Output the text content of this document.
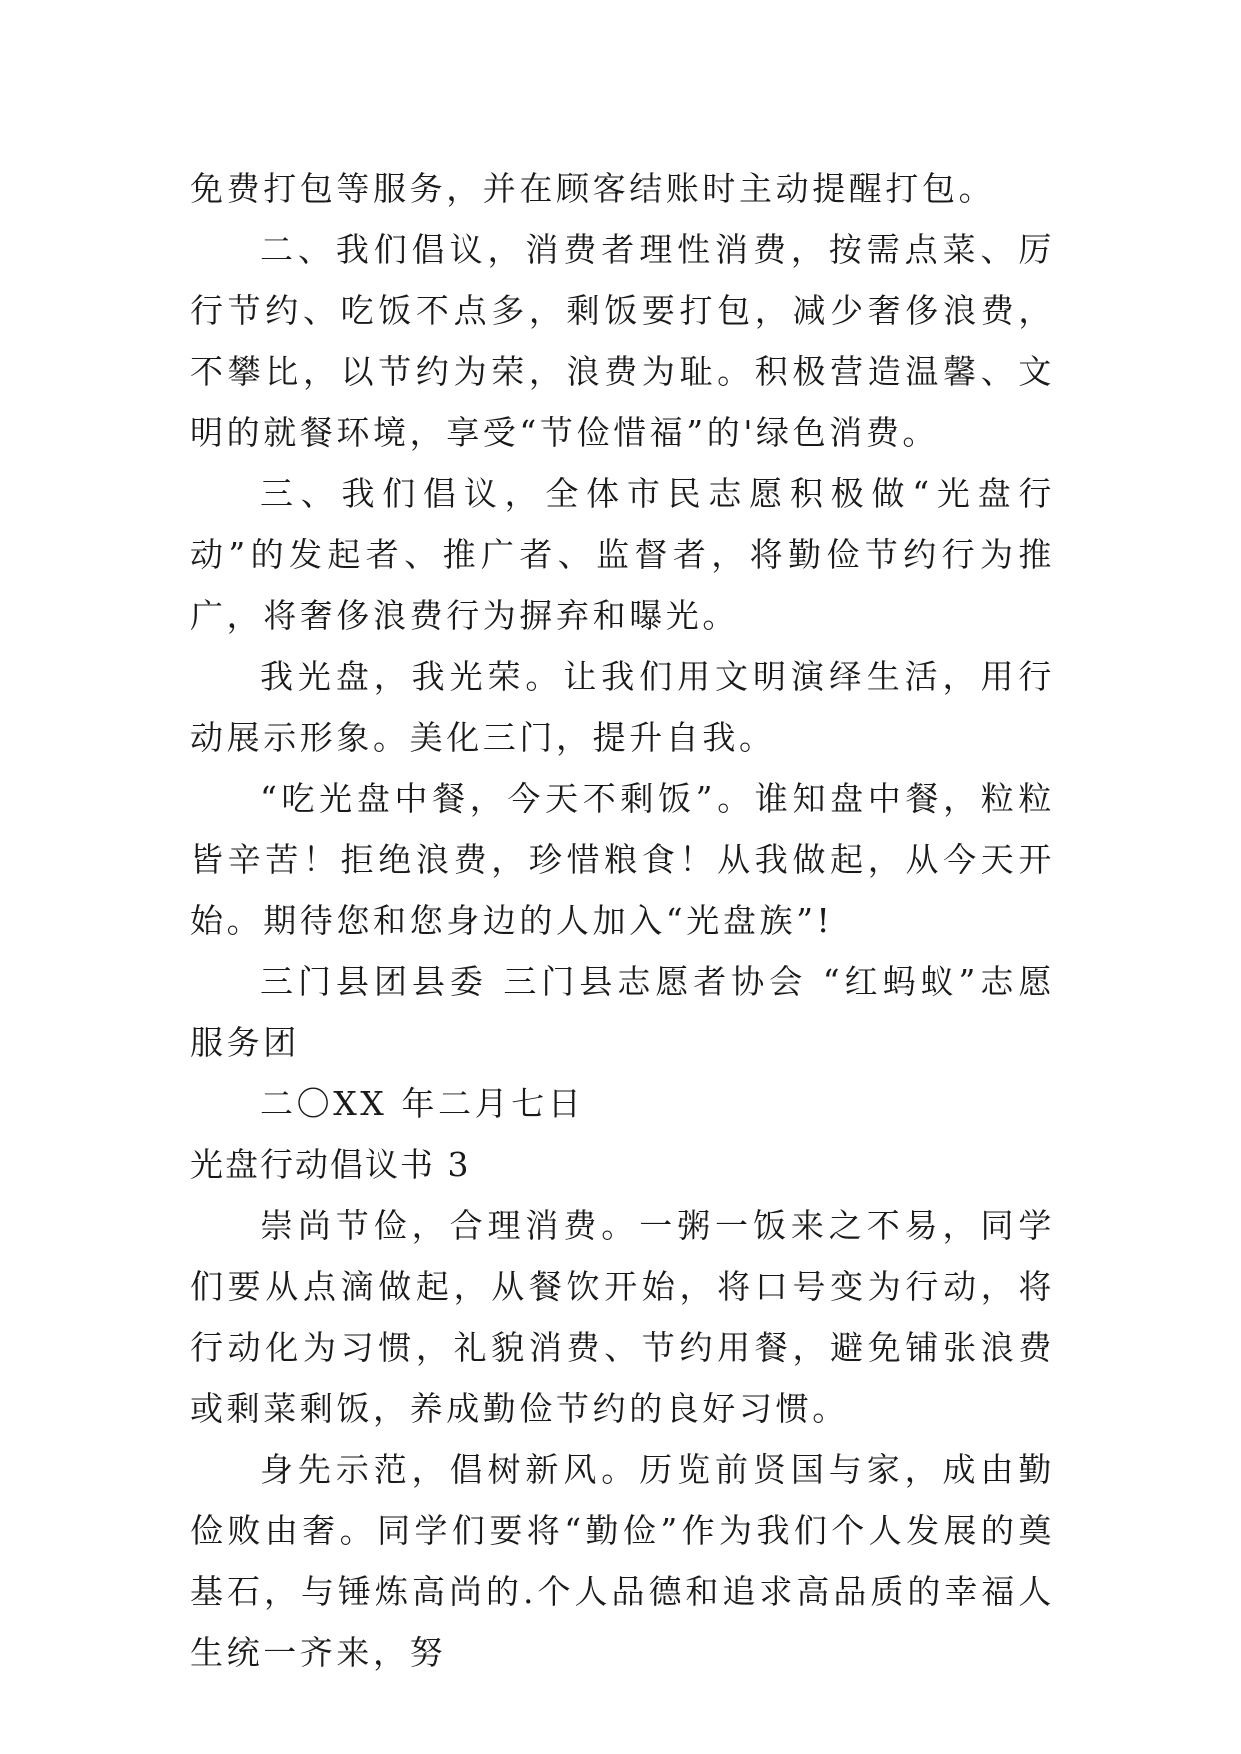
免费打包等服务，并在顾客结账时主动提醒打包。

二、我们倡议，消费者理性消费，按需点菜、厉行节约、吃饭不点多，剩饭要打包，减少奢侈浪费，不攀比，以节约为荣，浪费为耻。积极营造温馨、文明的就餐环境，享受“节俭惜福”的'绿色消费。

三、我们倡议，全体市民志愿积极做“光盘行动”的发起者、推广者、监督者，将勤俭节约行为推广，将奢侈浪费行为摒弃和曝光。

我光盘，我光荣。让我们用文明演绎生活，用行动展示形象。美化三门，提升自我。

“吃光盘中餐，今天不剩饭”。谁知盘中餐，粒粒皆辛苦！拒绝浪费，珍惜粮食！从我做起，从今天开始。期待您和您身边的人加入“光盘族”!

三门县团县委 三门县志愿者协会 “红蚂蚁”志愿服务团

二〇XX 年二月七日

光盘行动倡议书 3

崇尚节俭，合理消费。一粥一饭来之不易，同学们要从点滴做起，从餐饮开始，将口号变为行动，将行动化为习惯，礼貌消费、节约用餐，避免铺张浪费或剩菜剩饭，养成勤俭节约的良好习惯。

身先示范，倡树新风。历览前贤国与家，成由勤俭败由奢。同学们要将“勤俭”作为我们个人发展的奠基石，与锤炼高尚的.个人品德和追求高品质的幸福人生统一齐来，努
